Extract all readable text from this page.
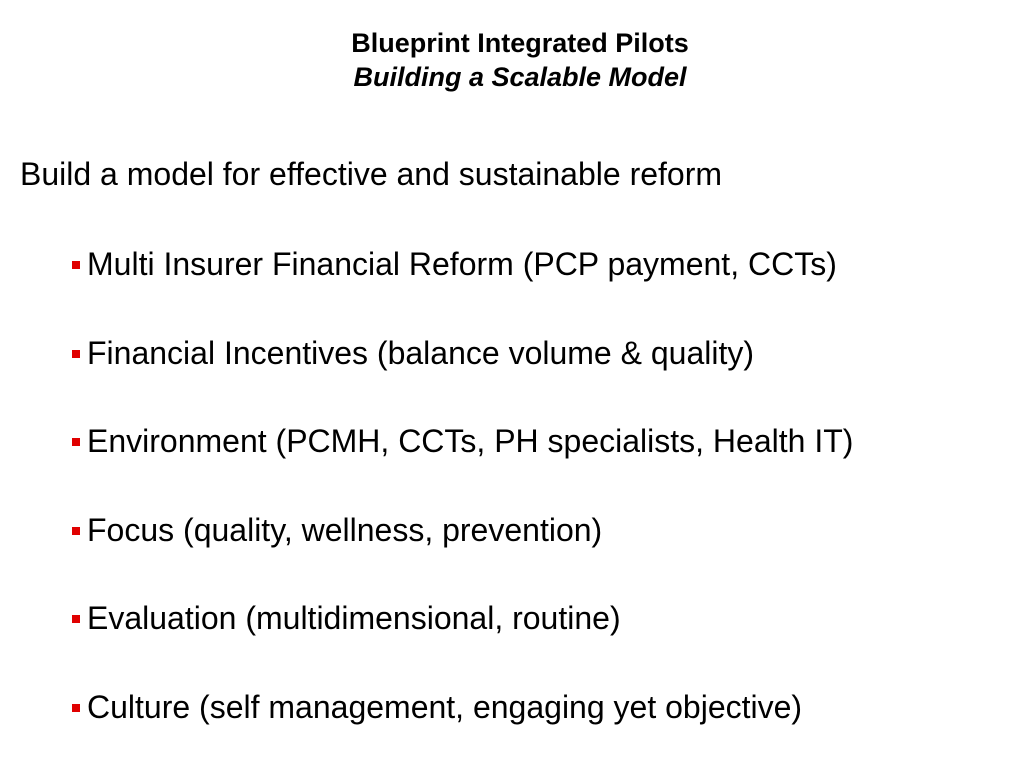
Blueprint Integrated Pilots
Building a Scalable Model
Build a model for effective and sustainable reform
Multi Insurer Financial Reform (PCP payment, CCTs)
Financial Incentives (balance volume & quality)
Environment (PCMH, CCTs, PH specialists, Health IT)
Focus (quality, wellness, prevention)
Evaluation (multidimensional, routine)
Culture (self management, engaging yet objective)
